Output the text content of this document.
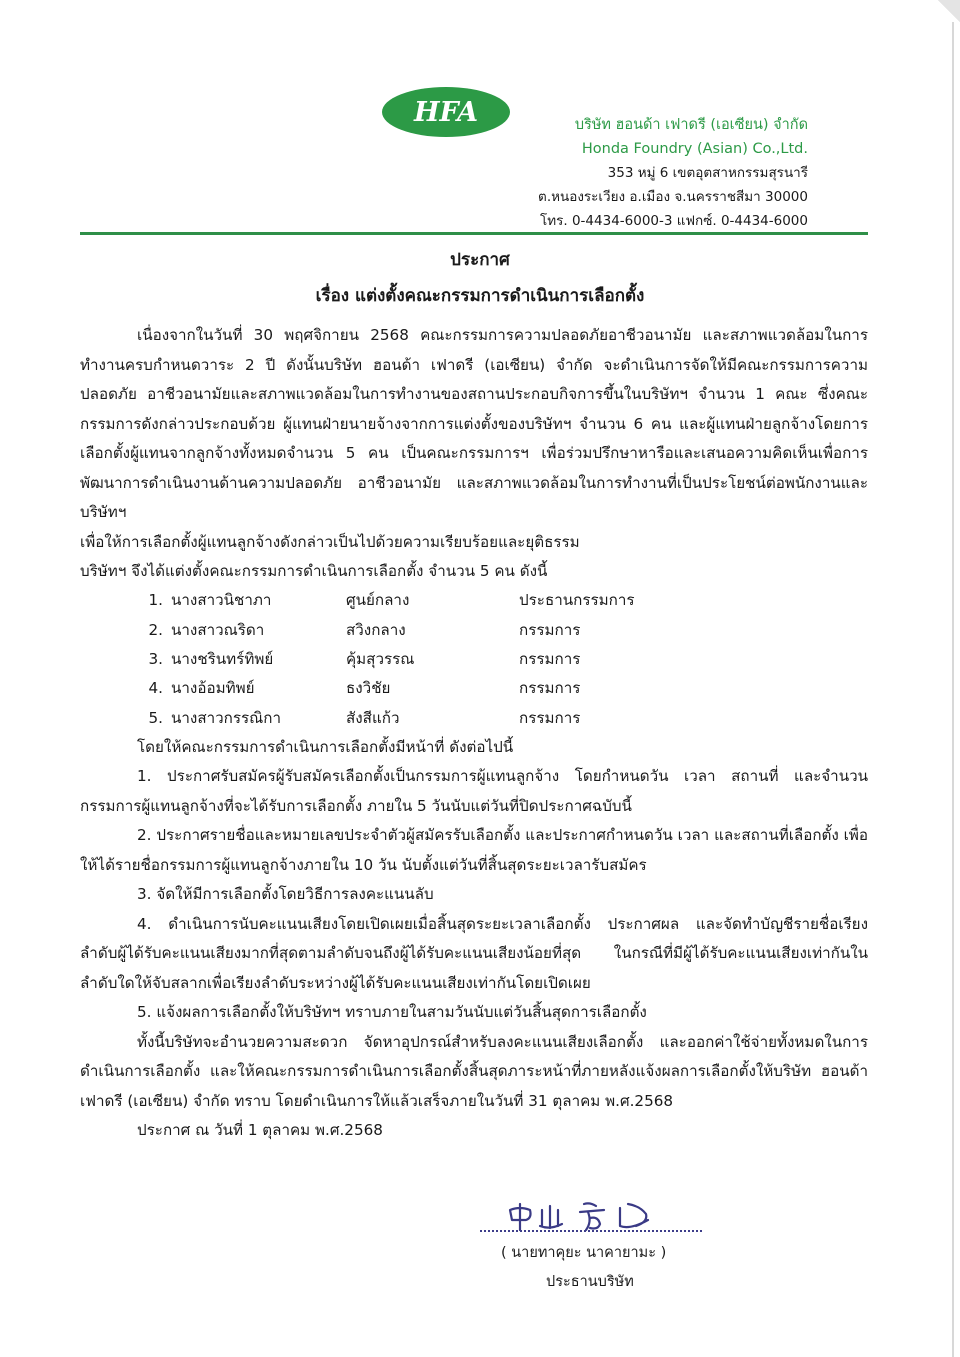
HFA	บริษัท ฮอนด้า เฟาดรี (เอเซียน) จำกัด
Honda Foundry (Asian) Co.,Ltd.
353 หมู่ 6 เขตอุตสาหกรรมสุรนารี
ต.หนองระเวียง อ.เมือง จ.นครราชสีมา 30000
โทร. 0-4434-6000-3 แฟกซ์. 0-4434-6000
ประกาศ
เรื่อง แต่งตั้งคณะกรรมการดำเนินการเลือกตั้ง

เนื่องจากในวันที่ 30 พฤศจิกายน 2568 คณะกรรมการความปลอดภัยอาชีวอนามัย และสภาพแวดล้อมในการทำงานครบกำหนดวาระ 2 ปี ดังนั้นบริษัท ฮอนด้า เฟาดรี (เอเซียน) จำกัด จะดำเนินการจัดให้มีคณะกรรมการความปลอดภัย อาชีวอนามัยและสภาพแวดล้อมในการทำงานของสถานประกอบกิจการขึ้นในบริษัทฯ จำนวน 1 คณะ ซึ่งคณะกรรมการดังกล่าวประกอบด้วย ผู้แทนฝ่ายนายจ้างจากการแต่งตั้งของบริษัทฯ จำนวน 6 คน และผู้แทนฝ่ายลูกจ้างโดยการเลือกตั้งผู้แทนจากลูกจ้างทั้งหมดจำนวน 5 คน เป็นคณะกรรมการฯ เพื่อร่วมปรึกษาหารือและเสนอความคิดเห็นเพื่อการพัฒนาการดำเนินงานด้านความปลอดภัย อาชีวอนามัย และสภาพแวดล้อมในการทำงานที่เป็นประโยชน์ต่อพนักงานและบริษัทฯ

เพื่อให้การเลือกตั้งผู้แทนลูกจ้างดังกล่าวเป็นไปด้วยความเรียบร้อยและยุติธรรม

บริษัทฯ จึงได้แต่งตั้งคณะกรรมการดำเนินการเลือกตั้ง จำนวน 5 คน ดังนี้

1. นางสาวนิชาภา	ศูนย์กลาง	ประธานกรรมการ
2. นางสาวณริดา	สวิงกลาง	กรรมการ
3. นางชรินทร์ทิพย์	คุ้มสุวรรณ	กรรมการ
4. นางอ้อมทิพย์	ธงวิชัย	กรรมการ
5. นางสาวกรรณิกา	สังสีแก้ว	กรรมการ

โดยให้คณะกรรมการดำเนินการเลือกตั้งมีหน้าที่ ดังต่อไปนี้

1. ประกาศรับสมัครผู้รับสมัครเลือกตั้งเป็นกรรมการผู้แทนลูกจ้าง โดยกำหนดวัน เวลา สถานที่ และจำนวนกรรมการผู้แทนลูกจ้างที่จะได้รับการเลือกตั้ง ภายใน 5 วันนับแต่วันที่ปิดประกาศฉบับนี้

2. ประกาศรายชื่อและหมายเลขประจำตัวผู้สมัครรับเลือกตั้ง และประกาศกำหนดวัน เวลา และสถานที่เลือกตั้ง เพื่อให้ได้รายชื่อกรรมการผู้แทนลูกจ้างภายใน 10 วัน นับตั้งแต่วันที่สิ้นสุดระยะเวลารับสมัคร

3. จัดให้มีการเลือกตั้งโดยวิธีการลงคะแนนลับ

4. ดำเนินการนับคะแนนเสียงโดยเปิดเผยเมื่อสิ้นสุดระยะเวลาเลือกตั้ง ประกาศผล และจัดทำบัญชีรายชื่อเรียงลำดับผู้ได้รับคะแนนเสียงมากที่สุดตามลำดับจนถึงผู้ได้รับคะแนนเสียงน้อยที่สุด ในกรณีที่มีผู้ได้รับคะแนนเสียงเท่ากันในลำดับใดให้จับสลากเพื่อเรียงลำดับระหว่างผู้ได้รับคะแนนเสียงเท่ากันโดยเปิดเผย

5. แจ้งผลการเลือกตั้งให้บริษัทฯ ทราบภายในสามวันนับแต่วันสิ้นสุดการเลือกตั้ง

ทั้งนี้บริษัทจะอำนวยความสะดวก จัดหาอุปกรณ์สำหรับลงคะแนนเสียงเลือกตั้ง และออกค่าใช้จ่ายทั้งหมดในการดำเนินการเลือกตั้ง และให้คณะกรรมการดำเนินการเลือกตั้งสิ้นสุดภาระหน้าที่ภายหลังแจ้งผลการเลือกตั้งให้บริษัท ฮอนด้า เฟาดรี (เอเซียน) จำกัด ทราบ โดยดำเนินการให้แล้วเสร็จภายในวันที่ 31 ตุลาคม พ.ศ.2568

ประกาศ ณ วันที่ 1 ตุลาคม พ.ศ.2568

( นายทาคุยะ นาคายามะ )
ประธานบริษัท
